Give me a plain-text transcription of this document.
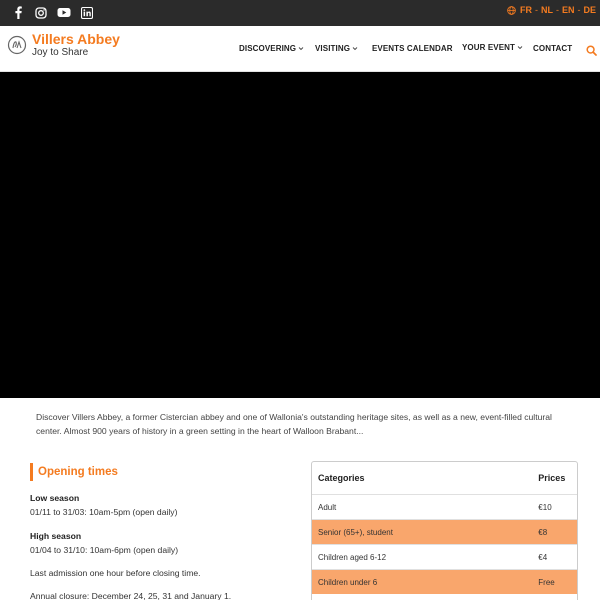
FR - NL - EN - DE
Villers Abbey
Joy to Share	DISCOVERING VISITING	EVENTS CALENDAR YOUR EVENT CONTACT

Discover Villers Abbey, a former Cistercian abbey and one of Wallonia's outstanding heritage sites, as well as a new, event-filled cultural center. Almost 900 years of history in a green setting in the heart of Walloon Brabant...

Opening times
Low season
01/11 to 31/03: 10am-5pm (open daily)
High season
01/04 to 31/10: 10am-6pm (open daily)
Last admission one hour before closing time.
Annual closure: December 24, 25, 31 and January 1.
Categories	Prices
Adult	€10
Senior (65+), student	€8
Children aged 6-12	€4
Children under 6	Free
